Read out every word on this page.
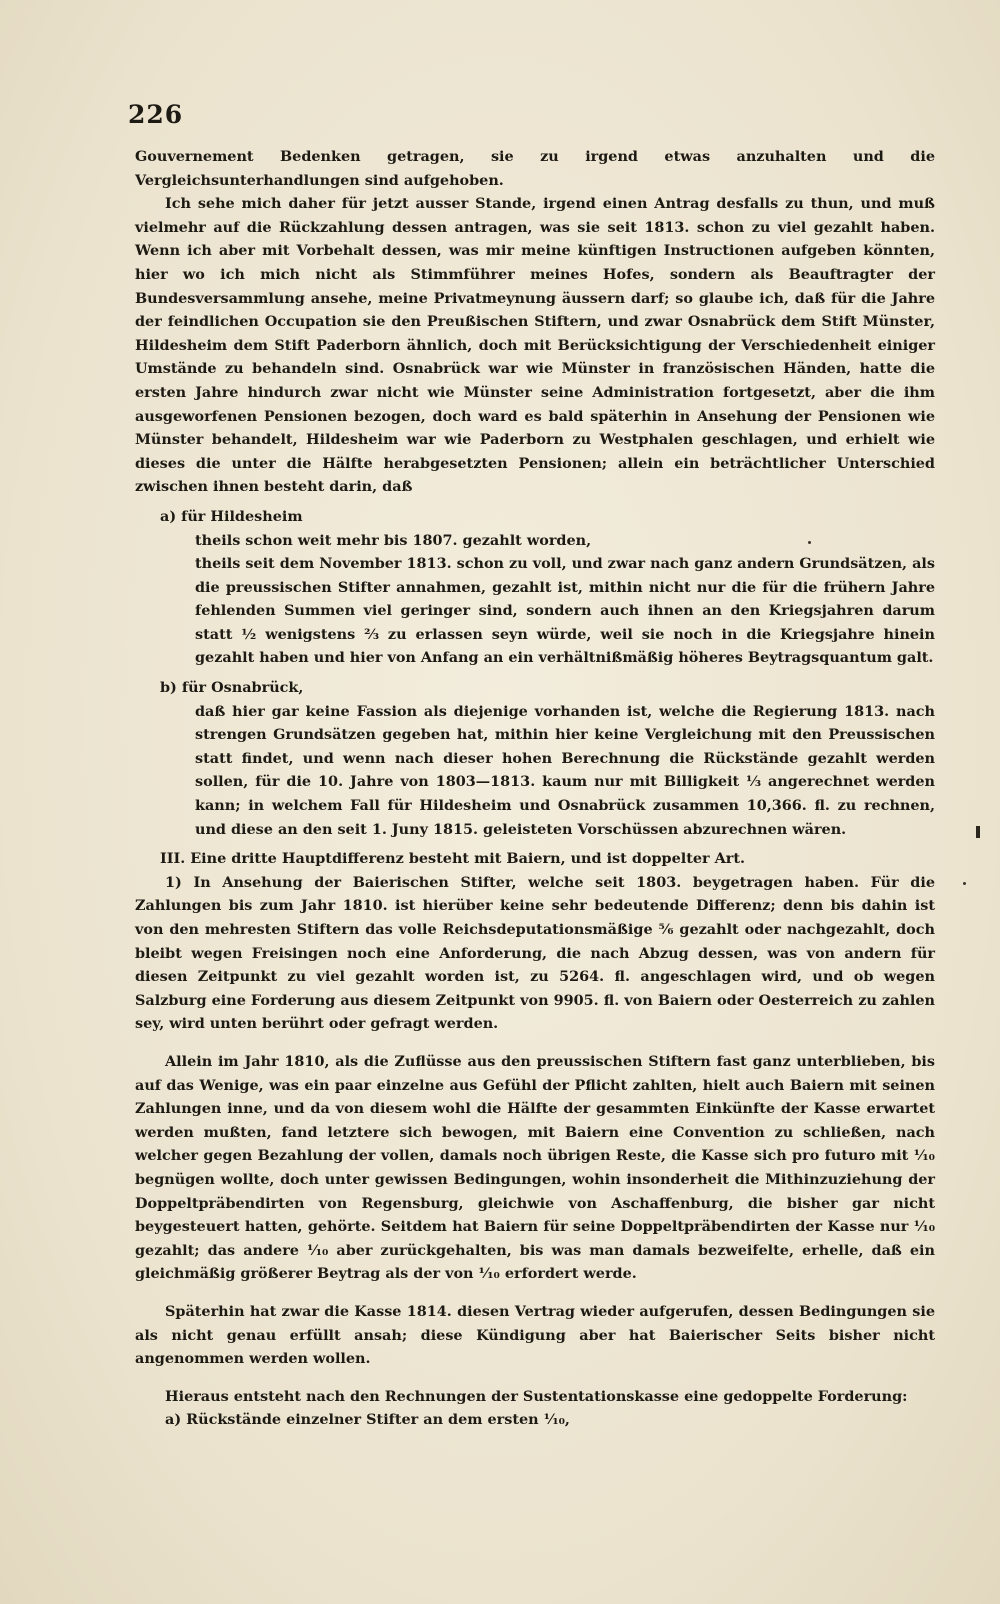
226

Gouvernement Bedenken getragen, sie zu irgend etwas anzuhalten und die Vergleichsunterhandlungen sind aufgehoben.

Ich sehe mich daher für jetzt ausser Stande, irgend einen Antrag desfalls zu thun, und muß vielmehr auf die Rückzahlung dessen antragen, was sie seit 1813. schon zu viel gezahlt haben. Wenn ich aber mit Vorbehalt dessen, was mir meine künftigen Instructionen aufgeben könnten, hier wo ich mich nicht als Stimmführer meines Hofes, sondern als Beauftragter der Bundesversammlung ansehe, meine Privatmeynung äussern darf; so glaube ich, daß für die Jahre der feindlichen Occupation sie den Preußischen Stiftern, und zwar Osnabrück dem Stift Münster, Hildesheim dem Stift Paderborn ähnlich, doch mit Berücksichtigung der Verschiedenheit einiger Umstände zu behandeln sind. Osnabrück war wie Münster in französischen Händen, hatte die ersten Jahre hindurch zwar nicht wie Münster seine Administration fortgesetzt, aber die ihm ausgeworfenen Pensionen bezogen, doch ward es bald späterhin in Ansehung der Pensionen wie Münster behandelt, Hildesheim war wie Paderborn zu Westphalen geschlagen, und erhielt wie dieses die unter die Hälfte herabgesetzten Pensionen; allein ein beträchtlicher Unterschied zwischen ihnen besteht darin, daß

a) für Hildesheim

theils schon weit mehr bis 1807. gezahlt worden,

theils seit dem November 1813. schon zu voll, und zwar nach ganz andern Grundsätzen, als die preussischen Stifter annahmen, gezahlt ist, mithin nicht nur die für die frühern Jahre fehlenden Summen viel geringer sind, sondern auch ihnen an den Kriegsjahren darum statt ½ wenigstens ⅔ zu erlassen seyn würde, weil sie noch in die Kriegsjahre hinein gezahlt haben und hier von Anfang an ein verhältnißmäßig höheres Beytragsquantum galt.

b) für Osnabrück,

daß hier gar keine Fassion als diejenige vorhanden ist, welche die Regierung 1813. nach strengen Grundsätzen gegeben hat, mithin hier keine Vergleichung mit den Preussischen statt findet, und wenn nach dieser hohen Berechnung die Rückstände gezahlt werden sollen, für die 10. Jahre von 1803—1813. kaum nur mit Billigkeit ⅓ angerechnet werden kann; in welchem Fall für Hildesheim und Osnabrück zusammen 10,366. fl. zu rechnen, und diese an den seit 1. Juny 1815. geleisteten Vorschüssen abzurechnen wären.

III. Eine dritte Hauptdifferenz besteht mit Baiern, und ist doppelter Art.

1) In Ansehung der Baierischen Stifter, welche seit 1803. beygetragen haben. Für die Zahlungen bis zum Jahr 1810. ist hierüber keine sehr bedeutende Differenz; denn bis dahin ist von den mehresten Stiftern das volle Reichsdeputationsmäßige ⁵⁄₆ gezahlt oder nachgezahlt, doch bleibt wegen Freisingen noch eine Anforderung, die nach Abzug dessen, was von andern für diesen Zeitpunkt zu viel gezahlt worden ist, zu 5264. fl. angeschlagen wird, und ob wegen Salzburg eine Forderung aus diesem Zeitpunkt von 9905. fl. von Baiern oder Oesterreich zu zahlen sey, wird unten berührt oder gefragt werden.

Allein im Jahr 1810, als die Zuflüsse aus den preussischen Stiftern fast ganz unterblieben, bis auf das Wenige, was ein paar einzelne aus Gefühl der Pflicht zahlten, hielt auch Baiern mit seinen Zahlungen inne, und da von diesem wohl die Hälfte der gesammten Einkünfte der Kasse erwartet werden mußten, fand letztere sich bewogen, mit Baiern eine Convention zu schließen, nach welcher gegen Bezahlung der vollen, damals noch übrigen Reste, die Kasse sich pro futuro mit ¹⁄₁₀ begnügen wollte, doch unter gewissen Bedingungen, wohin insonderheit die Mithinzuziehung der Doppeltpräbendirten von Regensburg, gleichwie von Aschaffenburg, die bisher gar nicht beygesteuert hatten, gehörte. Seitdem hat Baiern für seine Doppeltpräbendirten der Kasse nur ¹⁄₁₀ gezahlt; das andere ¹⁄₁₀ aber zurückgehalten, bis was man damals bezweifelte, erhelle, daß ein gleichmäßig größerer Beytrag als der von ¹⁄₁₀ erfordert werde.

Späterhin hat zwar die Kasse 1814. diesen Vertrag wieder aufgerufen, dessen Bedingungen sie als nicht genau erfüllt ansah; diese Kündigung aber hat Baierischer Seits bisher nicht angenommen werden wollen.

Hieraus entsteht nach den Rechnungen der Sustentationskasse eine gedoppelte Forderung:

a) Rückstände einzelner Stifter an dem ersten ¹⁄₁₀,
